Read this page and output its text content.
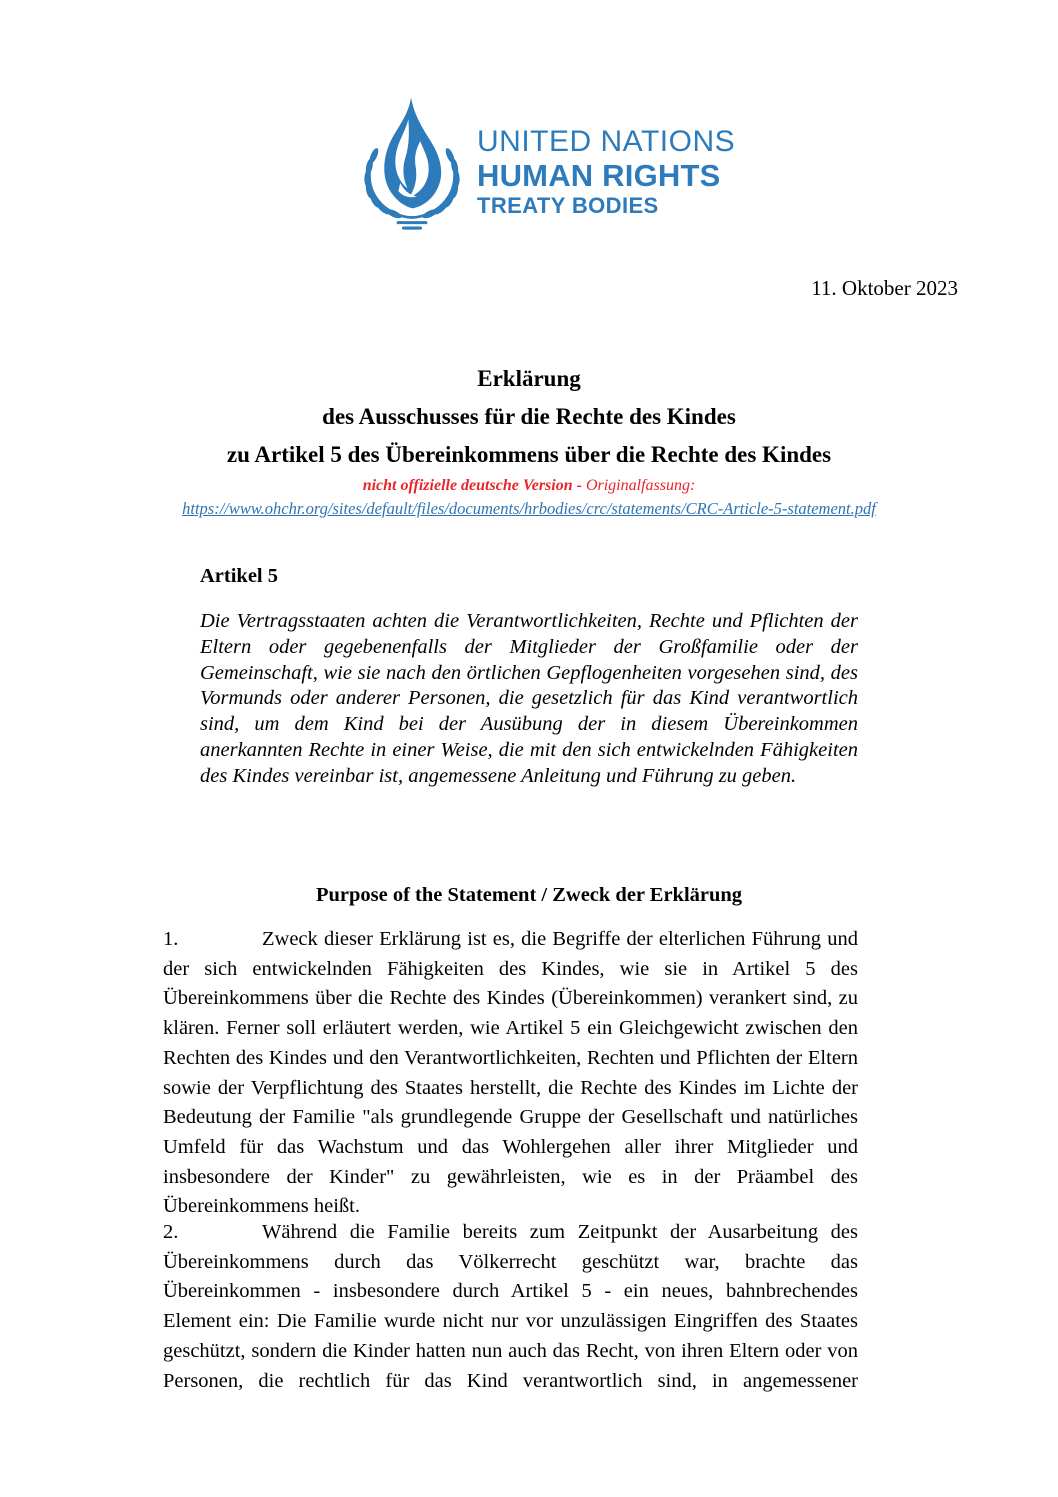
UNITED NATIONS
HUMAN RIGHTS
TREATY BODIES
11. Oktober 2023
Erklärung
des Ausschusses für die Rechte des Kindes
zu Artikel 5 des Übereinkommens über die Rechte des Kindes
nicht offizielle deutsche Version - Originalfassung:
https://www.ohchr.org/sites/default/files/documents/hrbodies/crc/statements/CRC-Article-5-statement.pdf
Artikel 5
Die Vertragsstaaten achten die Verantwortlichkeiten, Rechte und Pflichten der Eltern oder gegebenenfalls der Mitglieder der Großfamilie oder der Gemeinschaft, wie sie nach den örtlichen Gepflogenheiten vorgesehen sind, des Vormunds oder anderer Personen, die gesetzlich für das Kind verantwortlich sind, um dem Kind bei der Ausübung der in diesem Übereinkommen anerkannten Rechte in einer Weise, die mit den sich entwickelnden Fähigkeiten des Kindes vereinbar ist, angemessene Anleitung und Führung zu geben.
Purpose of the Statement / Zweck der Erklärung
1.	Zweck dieser Erklärung ist es, die Begriffe der elterlichen Führung und der sich entwickelnden Fähigkeiten des Kindes, wie sie in Artikel 5 des Übereinkommens über die Rechte des Kindes (Übereinkommen) verankert sind, zu klären. Ferner soll erläutert werden, wie Artikel 5 ein Gleichgewicht zwischen den Rechten des Kindes und den Verantwortlichkeiten, Rechten und Pflichten der Eltern sowie der Verpflichtung des Staates herstellt, die Rechte des Kindes im Lichte der Bedeutung der Familie "als grundlegende Gruppe der Gesellschaft und natürliches Umfeld für das Wachstum und das Wohlergehen aller ihrer Mitglieder und insbesondere der Kinder" zu gewährleisten, wie es in der Präambel des Übereinkommens heißt.
2.	Während die Familie bereits zum Zeitpunkt der Ausarbeitung des Übereinkommens durch das Völkerrecht geschützt war, brachte das Übereinkommen - insbesondere durch Artikel 5 - ein neues, bahnbrechendes Element ein: Die Familie wurde nicht nur vor unzulässigen Eingriffen des Staates geschützt, sondern die Kinder hatten nun auch das Recht, von ihren Eltern oder von Personen, die rechtlich für das Kind verantwortlich sind, in angemessener
